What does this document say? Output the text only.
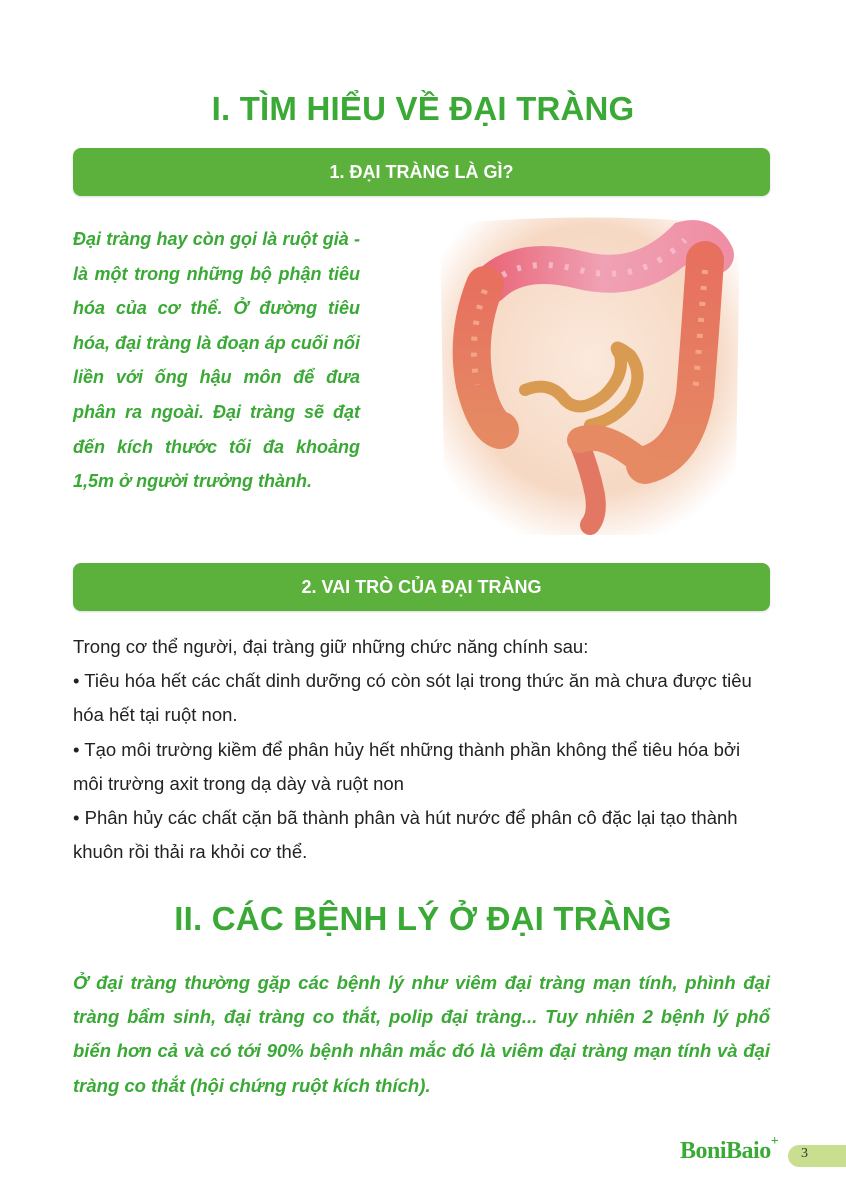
I. TÌM HIỂU VỀ ĐẠI TRÀNG
1. ĐẠI TRÀNG LÀ GÌ?
Đại tràng hay còn gọi là ruột già - là một trong những bộ phận tiêu hóa của cơ thể. Ở đường tiêu hóa, đại tràng là đoạn áp cuối nối liền với ống hậu môn để đưa phân ra ngoài. Đại tràng sẽ đạt đến kích thước tối đa khoảng 1,5m ở người trưởng thành.
2. VAI TRÒ CỦA ĐẠI TRÀNG

Trong cơ thể người, đại tràng giữ những chức năng chính sau:

• Tiêu hóa hết các chất dinh dưỡng có còn sót lại trong thức ăn mà chưa được tiêu hóa hết tại ruột non.

• Tạo môi trường kiềm để phân hủy hết những thành phần không thể tiêu hóa bởi môi trường axit trong dạ dày và ruột non

• Phân hủy các chất cặn bã thành phân và hút nước để phân cô đặc lại tạo thành khuôn rồi thải ra khỏi cơ thể.

II. CÁC BỆNH LÝ Ở ĐẠI TRÀNG
Ở đại tràng thường gặp các bệnh lý như viêm đại tràng mạn tính, phình đại tràng bẩm sinh, đại tràng co thắt, polip đại tràng... Tuy nhiên 2 bệnh lý phổ biến hơn cả và có tới 90% bệnh nhân mắc đó là viêm đại tràng mạn tính và đại tràng co thắt (hội chứng ruột kích thích).
BoniBaio+
3
